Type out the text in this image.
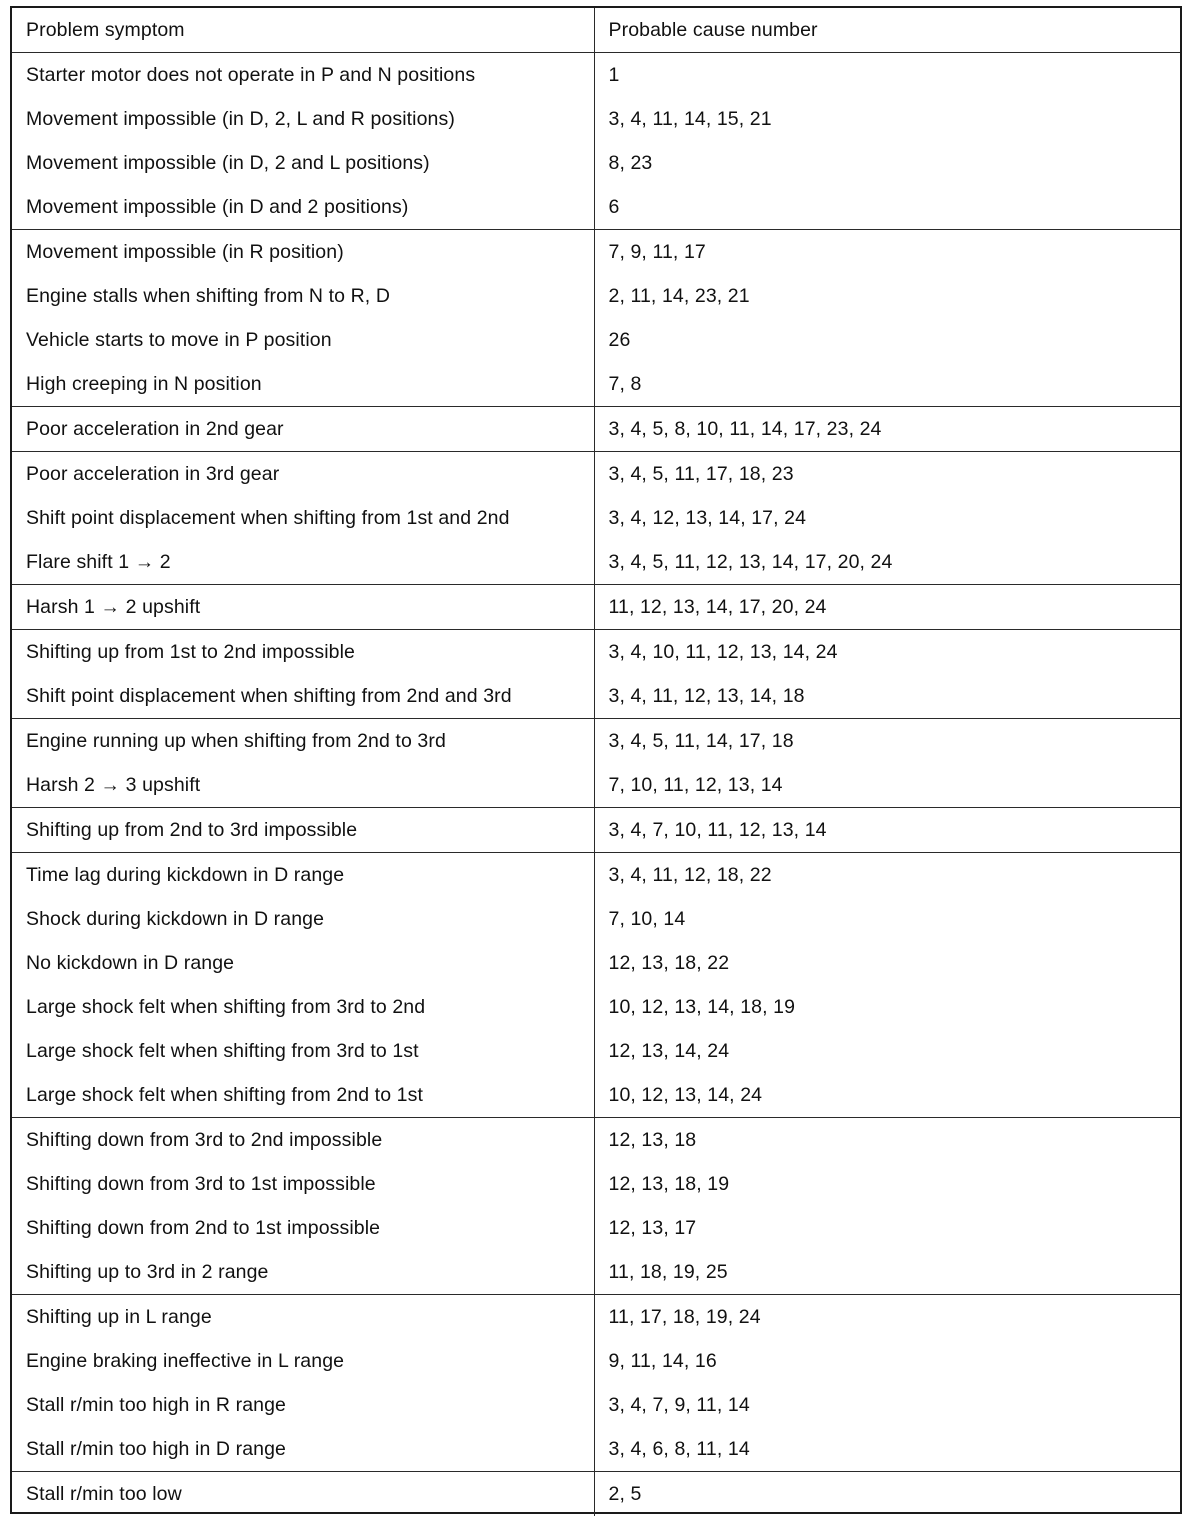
Problem symptom	Probable cause number
Starter motor does not operate in P and N positions	1
Movement impossible (in D, 2, L and R positions)	3, 4, 11, 14, 15, 21
Movement impossible (in D, 2 and L positions)	8, 23
Movement impossible (in D and 2 positions)	6
Movement impossible (in R position)	7, 9, 11, 17
Engine stalls when shifting from N to R, D	2, 11, 14, 23, 21
Vehicle starts to move in P position	26
High creeping in N position	7, 8
Poor acceleration in 2nd gear	3, 4, 5, 8, 10, 11, 14, 17, 23, 24
Poor acceleration in 3rd gear	3, 4, 5, 11, 17, 18, 23
Shift point displacement when shifting from 1st and 2nd	3, 4, 12, 13, 14, 17, 24
Flare shift 1 → 2	3, 4, 5, 11, 12, 13, 14, 17, 20, 24
Harsh 1 → 2 upshift	11, 12, 13, 14, 17, 20, 24
Shifting up from 1st to 2nd impossible	3, 4, 10, 11, 12, 13, 14, 24
Shift point displacement when shifting from 2nd and 3rd	3, 4, 11, 12, 13, 14, 18
Engine running up when shifting from 2nd to 3rd	3, 4, 5, 11, 14, 17, 18
Harsh 2 → 3 upshift	7, 10, 11, 12, 13, 14
Shifting up from 2nd to 3rd impossible	3, 4, 7, 10, 11, 12, 13, 14
Time lag during kickdown in D range	3, 4, 11, 12, 18, 22
Shock during kickdown in D range	7, 10, 14
No kickdown in D range	12, 13, 18, 22
Large shock felt when shifting from 3rd to 2nd	10, 12, 13, 14, 18, 19
Large shock felt when shifting from 3rd to 1st	12, 13, 14, 24
Large shock felt when shifting from 2nd to 1st	10, 12, 13, 14, 24
Shifting down from 3rd to 2nd impossible	12, 13, 18
Shifting down from 3rd to 1st impossible	12, 13, 18, 19
Shifting down from 2nd to 1st impossible	12, 13, 17
Shifting up to 3rd in 2 range	11, 18, 19, 25
Shifting up in L range	11, 17, 18, 19, 24
Engine braking ineffective in L range	9, 11, 14, 16
Stall r/min too high in R range	3, 4, 7, 9, 11, 14
Stall r/min too high in D range	3, 4, 6, 8, 11, 14
Stall r/min too low	2, 5
